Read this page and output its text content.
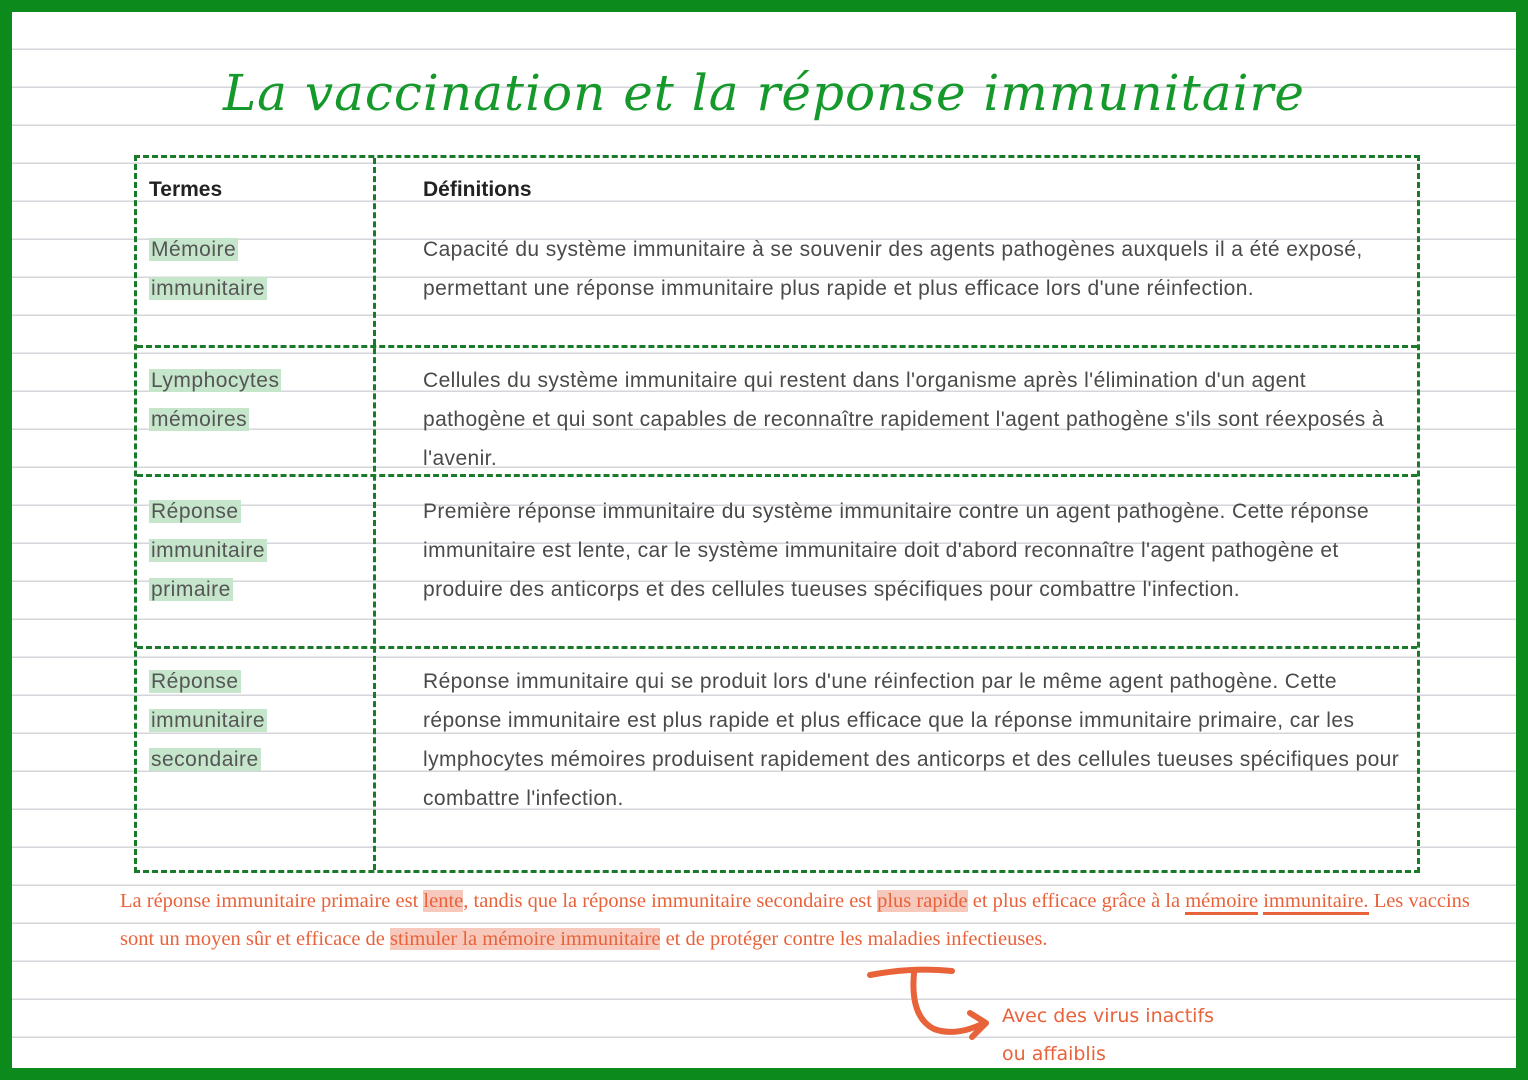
La vaccination et la réponse immunitaire
Termes	Définitions
Mémoire
immunitaire
Capacité du système immunitaire à se souvenir des agents pathogènes auxquels il a été exposé, permettant une réponse immunitaire plus rapide et plus efficace lors d'une réinfection.
Lymphocytes
mémoires
Cellules du système immunitaire qui restent dans l'organisme après l'élimination d'un agent pathogène et qui sont capables de reconnaître rapidement l'agent pathogène s'ils sont réexposés à l'avenir.
Réponse
immunitaire
primaire
Première réponse immunitaire du système immunitaire contre un agent pathogène. Cette réponse immunitaire est lente, car le système immunitaire doit d'abord reconnaître l'agent pathogène et produire des anticorps et des cellules tueuses spécifiques pour combattre l'infection.
Réponse
immunitaire
secondaire
Réponse immunitaire qui se produit lors d'une réinfection par le même agent pathogène. Cette réponse immunitaire est plus rapide et plus efficace que la réponse immunitaire primaire, car les lymphocytes mémoires produisent rapidement des anticorps et des cellules tueuses spécifiques pour combattre l'infection.
La réponse immunitaire primaire est lente, tandis que la réponse immunitaire secondaire est plus rapide et plus efficace grâce à la mémoire immunitaire. Les vaccins sont un moyen sûr et efficace de stimuler la mémoire immunitaire et de protéger contre les maladies infectieuses.
Avec des virus inactifs
ou affaiblis
